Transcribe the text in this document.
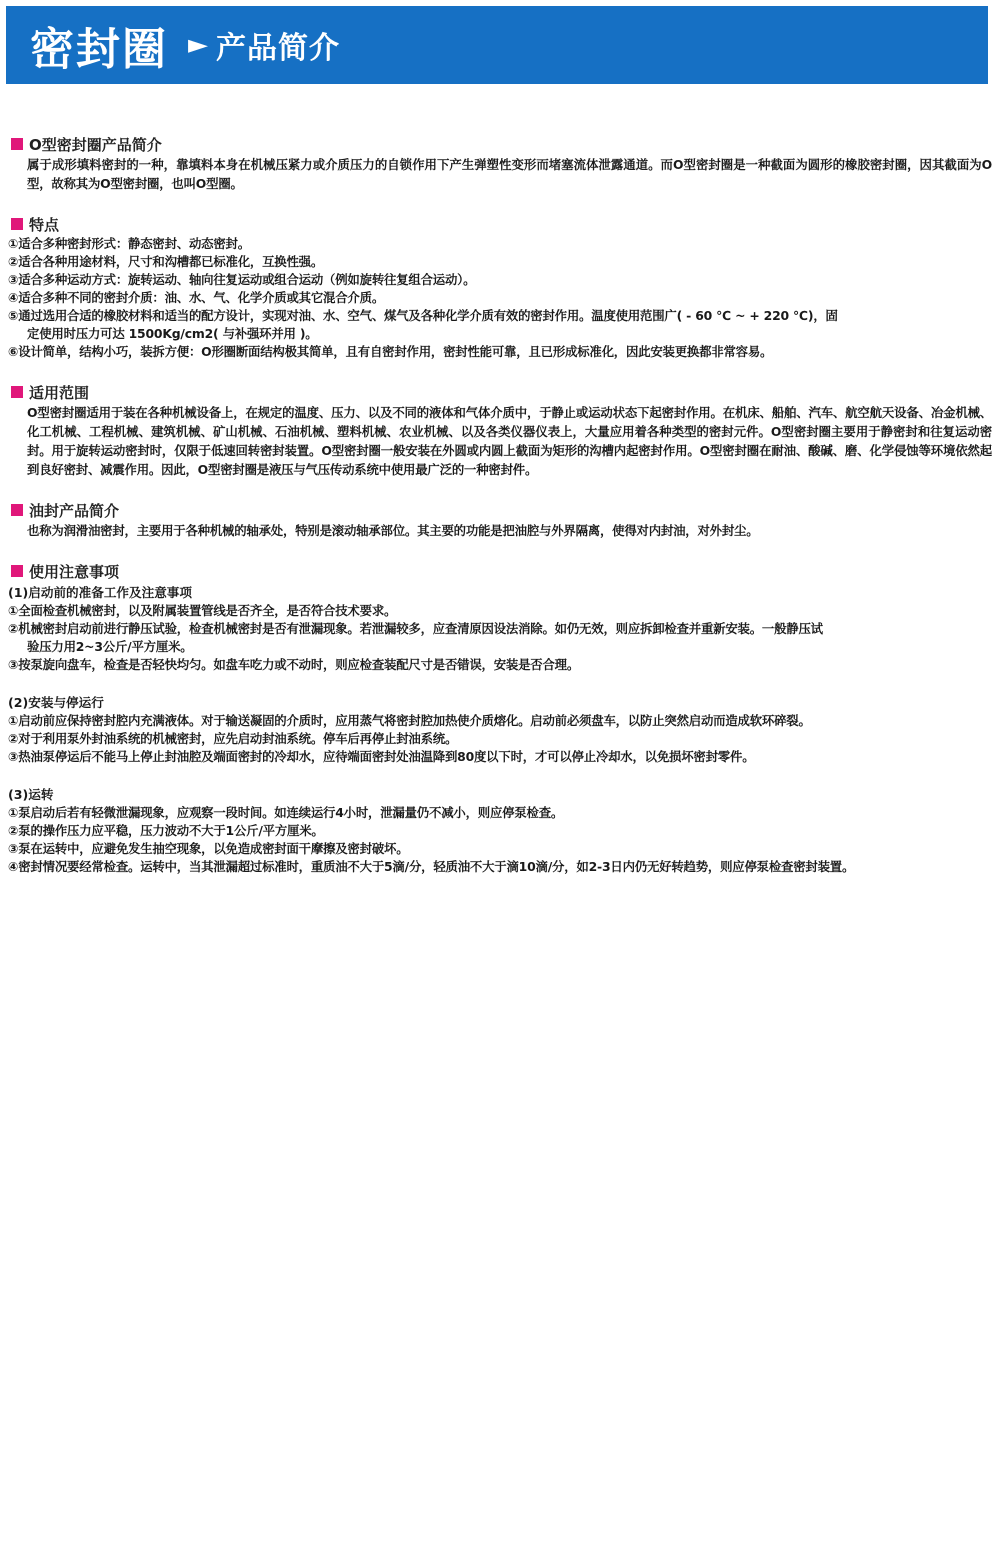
密封圈 ► 产品简介
O型密封圈产品简介
属于成形填料密封的一种，靠填料本身在机械压紧力或介质压力的自锁作用下产生弹塑性变形而堵塞流体泄露通道。而O型密封圈是一种截面为圆形的橡胶密封圈，因其截面为O型，故称其为O型密封圈，也叫O型圈。
特点
①适合多种密封形式：静态密封、动态密封。
②适合各种用途材料，尺寸和沟槽都已标准化，互换性强。
③适合多种运动方式：旋转运动、轴向往复运动或组合运动（例如旋转往复组合运动）。
④适合多种不同的密封介质：油、水、气、化学介质或其它混合介质。
⑤通过选用合适的橡胶材料和适当的配方设计，实现对油、水、空气、煤气及各种化学介质有效的密封作用。温度使用范围广( - 60 ℃ ~ + 220 ℃)，固
定使用时压力可达 1500Kg/cm2( 与补强环并用 )。
⑥设计简单，结构小巧，装拆方便：O形圈断面结构极其简单，且有自密封作用，密封性能可靠，且已形成标准化，因此安装更换都非常容易。
适用范围
O型密封圈适用于装在各种机械设备上，在规定的温度、压力、以及不同的液体和气体介质中，于静止或运动状态下起密封作用。在机床、船舶、汽车、航空航天设备、冶金机械、化工机械、工程机械、建筑机械、矿山机械、石油机械、塑料机械、农业机械、以及各类仪器仪表上，大量应用着各种类型的密封元件。O型密封圈主要用于静密封和往复运动密封。用于旋转运动密封时，仅限于低速回转密封装置。O型密封圈一般安装在外圆或内圆上截面为矩形的沟槽内起密封作用。O型密封圈在耐油、酸碱、磨、化学侵蚀等环境依然起到良好密封、减震作用。因此，O型密封圈是液压与气压传动系统中使用最广泛的一种密封件。
油封产品简介
也称为润滑油密封，主要用于各种机械的轴承处，特别是滚动轴承部位。其主要的功能是把油腔与外界隔离，使得对内封油，对外封尘。
使用注意事项
(1)启动前的准备工作及注意事项
①全面检查机械密封，以及附属装置管线是否齐全，是否符合技术要求。
②机械密封启动前进行静压试验，检查机械密封是否有泄漏现象。若泄漏较多，应查清原因设法消除。如仍无效，则应拆卸检查并重新安装。一般静压试
验压力用2~3公斤/平方厘米。
③按泵旋向盘车，检查是否轻快均匀。如盘车吃力或不动时，则应检查装配尺寸是否错误，安装是否合理。
(2)安装与停运行
①启动前应保持密封腔内充满液体。对于输送凝固的介质时，应用蒸气将密封腔加热使介质熔化。启动前必须盘车，以防止突然启动而造成软环碎裂。
②对于利用泵外封油系统的机械密封，应先启动封油系统。停车后再停止封油系统。
③热油泵停运后不能马上停止封油腔及端面密封的冷却水，应待端面密封处油温降到80度以下时，才可以停止冷却水，以免损坏密封零件。
(3)运转
①泵启动后若有轻微泄漏现象，应观察一段时间。如连续运行4小时，泄漏量仍不减小，则应停泵检查。
②泵的操作压力应平稳，压力波动不大于1公斤/平方厘米。
③泵在运转中，应避免发生抽空现象，以免造成密封面干摩擦及密封破坏。
④密封情况要经常检查。运转中，当其泄漏超过标准时，重质油不大于5滴/分，轻质油不大于滴10滴/分，如2-3日内仍无好转趋势，则应停泵检查密封装置。
